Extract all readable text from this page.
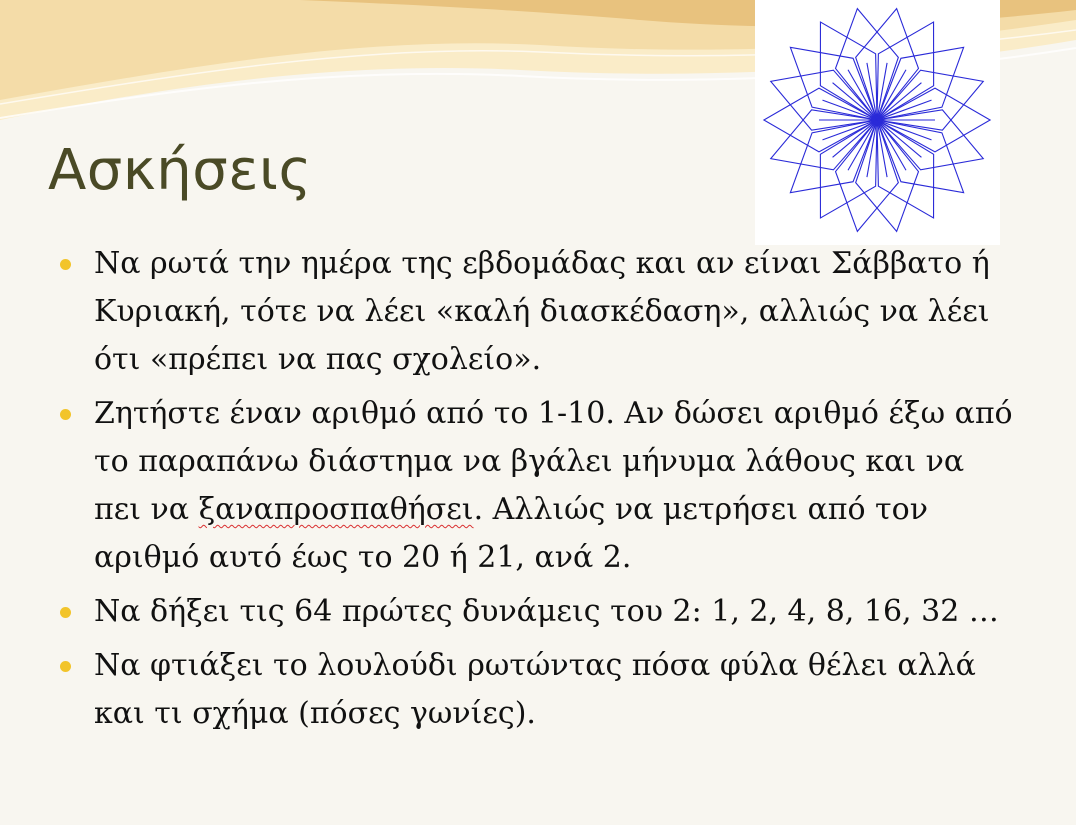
Ασκήσεις
Να ρωτά την ημέρα της εβδομάδας και αν είναι Σάββατο ή Κυριακή, τότε να λέει «καλή διασκέδαση», αλλιώς να λέει ότι «πρέπει να πας σχολείο».
Ζητήστε έναν αριθμό από το 1-10. Αν δώσει αριθμό έξω από το παραπάνω διάστημα να βγάλει μήνυμα λάθους και να πει να ξαναπροσπαθήσει. Αλλιώς να μετρήσει από τον αριθμό αυτό έως το 20 ή 21, ανά 2.
Να δήξει τις 64 πρώτες δυνάμεις του 2: 1, 2, 4, 8, 16, 32 …
Να φτιάξει το λουλούδι ρωτώντας πόσα φύλα θέλει αλλά και τι σχήμα (πόσες γωνίες).
